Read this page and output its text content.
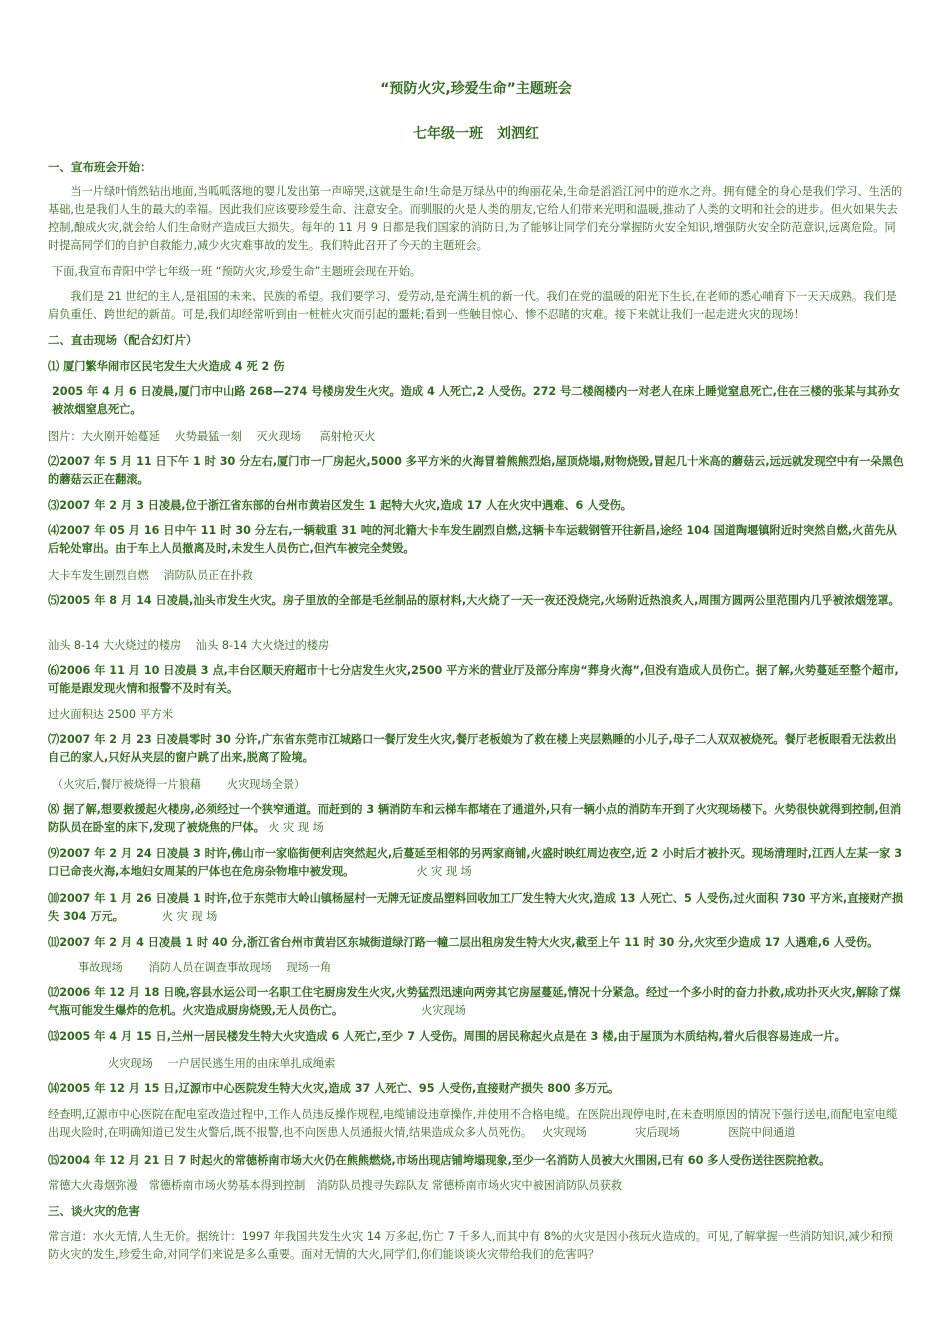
“预防火灾,珍爱生命”主题班会

七年级一班　刘泗红

一、宣布班会开始：

当一片绿叶悄然钻出地面,当呱呱落地的婴儿发出第一声啼哭,这就是生命!生命是万绿丛中的绚丽花朵,生命是滔滔江河中的逆水之舟。拥有健全的身心是我们学习、生活的基础,也是我们人生的最大的幸福。因此我们应该要珍爱生命、注意安全。而驯服的火是人类的朋友,它给人们带来光明和温暖,推动了人类的文明和社会的进步。但火如果失去控制,酿成火灾,就会给人们生命财产造成巨大损失。每年的 11 月 9 日都是我们国家的消防日,为了能够让同学们充分掌握防火安全知识,增强防火安全防范意识,远离危险。同时提高同学们的自护自救能力,减少火灾难事故的发生。我们特此召开了今天的主题班会。

下面,我宣布青阳中学七年级一班 “预防火灾,珍爱生命”主题班会现在开始。

我们是 21 世纪的主人,是祖国的未来、民族的希望。我们要学习、爱劳动,是充满生机的新一代。我们在党的温暖的阳光下生长,在老师的悉心哺育下一天天成熟。我们是肩负重任、跨世纪的新苗。可是,我们却经常听到由一桩桩火灾而引起的噩耗;看到一些触目惊心、惨不忍睹的灾难。接下来就让我们一起走进火灾的现场！

二、直击现场（配合幻灯片）

⑴ 厦门繁华闹市区民宅发生大火造成 4 死 2 伤

2005 年 4 月 6 日凌晨,厦门市中山路 268—274 号楼房发生火灾。造成 4 人死亡,2 人受伤。272 号二楼阁楼内一对老人在床上睡觉窒息死亡,住在三楼的张某与其孙女被浓烟窒息死亡。

图片：大火刚开始蔓延　 火势最猛一刻　 灭火现场 　 高射枪灭火

⑵2007 年 5 月 11 日下午 1 时 30 分左右,厦门市一厂房起火,5000 多平方米的火海冒着熊熊烈焰,屋顶烧塌,财物烧毁,冒起几十米高的蘑菇云,远远就发现空中有一朵黑色的蘑菇云正在翻滚。

⑶2007 年 2 月 3 日凌晨,位于浙江省东部的台州市黄岩区发生 1 起特大火灾,造成 17 人在火灾中遇难、6 人受伤。

⑷2007 年 05 月 16 日中午 11 时 30 分左右,一辆载重 31 吨的河北籍大卡车发生剧烈自燃,这辆卡车运载钢管开往新昌,途经 104 国道陶堰镇附近时突然自燃,火苗先从后轮处窜出。由于车上人员撤离及时,未发生人员伤亡,但汽车被完全焚毁。

大卡车发生剧烈自燃　 消防队员正在扑救

⑸2005 年 8 月 14 日凌晨,汕头市发生火灾。房子里放的全部是毛丝制品的原材料,大火烧了一天一夜还没烧完,火场附近热浪炙人,周围方圆两公里范围内几乎被浓烟笼罩。

汕头 8-14 大火烧过的楼房　 汕头 8-14 大火烧过的楼房

⑹2006 年 11 月 10 日凌晨 3 点,丰台区顺天府超市十七分店发生火灾,2500 平方米的营业厅及部分库房“葬身火海”,但没有造成人员伤亡。据了解,火势蔓延至整个超市,可能是跟发现火情和报警不及时有关。

过火面积达 2500 平方米

⑺2007 年 2 月 23 日凌晨零时 30 分许,广东省东莞市江城路口一餐厅发生火灾,餐厅老板娘为了救在楼上夹层熟睡的小儿子,母子二人双双被烧死。餐厅老板眼看无法救出自己的家人,只好从夹层的窗户跳了出来,脱离了险境。

（火灾后,餐厅被烧得一片狼藉　　 火灾现场全景）

⑻ 据了解,想要救援起火楼房,必须经过一个狭窄通道。而赶到的 3 辆消防车和云梯车都堵在了通道外,只有一辆小点的消防车开到了火灾现场楼下。火势很快就得到控制,但消防队员在卧室的床下,发现了被烧焦的尸体。 火 灾 现 场

⑼2007 年 2 月 24 日凌晨 3 时许,佛山市一家临街便利店突然起火,后蔓延至相邻的另两家商铺,火盛时映红周边夜空,近 2 小时后才被扑灭。现场清理时,江西人左某一家 3 口已命丧火海,本地妇女周某的尸体也在危房杂物堆中被发现。	火 灾 现 场

⑽2007 年 1 月 26 日凌晨 1 时许,位于东莞市大岭山镇杨屋村一无牌无证废品塑料回收加工厂发生特大火灾,造成 13 人死亡、5 人受伤,过火面积 730 平方米,直接财产损失 304 万元。	火 灾 现 场

⑾2007 年 2 月 4 日凌晨 1 时 40 分,浙江省台州市黄岩区东城街道绿汀路一幢二层出租房发生特大火灾,截至上午 11 时 30 分,火灾至少造成 17 人遇难,6 人受伤。

事故现场　　 消防人员在调查事故现场　 现场一角

⑿2006 年 12 月 18 日晚,容县水运公司一名职工住宅厨房发生火灾,火势猛烈迅速向两旁其它房屋蔓延,情况十分紧急。经过一个多小时的奋力扑救,成功扑灭火灾,解除了煤气瓶可能发生爆炸的危机。火灾造成厨房烧毁,无人员伤亡。	火灾现场

⒀2005 年 4 月 15 日,兰州一居民楼发生特大火灾造成 6 人死亡,至少 7 人受伤。周围的居民称起火点是在 3 楼,由于屋顶为木质结构,着火后很容易连成一片。

火灾现场　 一户居民逃生用的由床单扎成绳索

⒁2005 年 12 月 15 日,辽源市中心医院发生特大火灾,造成 37 人死亡、95 人受伤,直接财产损失 800 多万元。

经查明,辽源市中心医院在配电室改造过程中,工作人员违反操作规程,电缆铺设违章操作,并使用不合格电缆。在医院出现停电时,在未查明原因的情况下强行送电,而配电室电缆出现火险时,在明确知道已发生火警后,既不报警,也不向医患人员通报火情,结果造成众多人员死伤。 火灾现场　　　　 灾后现场　　　　 医院中间通道

⒂2004 年 12 月 21 日 7 时起火的常德桥南市场大火仍在熊熊燃烧,市场出现店铺垮塌现象,至少一名消防人员被大火围困,已有 60 多人受伤送往医院抢救。

常德大火毒烟弥漫　常德桥南市场火势基本得到控制　消防队员搜寻失踪队友 常德桥南市场火灾中被困消防队员获救

三、谈火灾的危害

常言道：水火无情,人生无价。据统计：1997 年我国共发生火灾 14 万多起,伤亡 7 千多人,而其中有 8%的火灾是因小孩玩火造成的。可见,了解掌握一些消防知识,减少和预防火灾的发生,珍爱生命,对同学们来说是多么重要。面对无情的大火,同学们,你们能谈谈火灾带给我们的危害吗？
